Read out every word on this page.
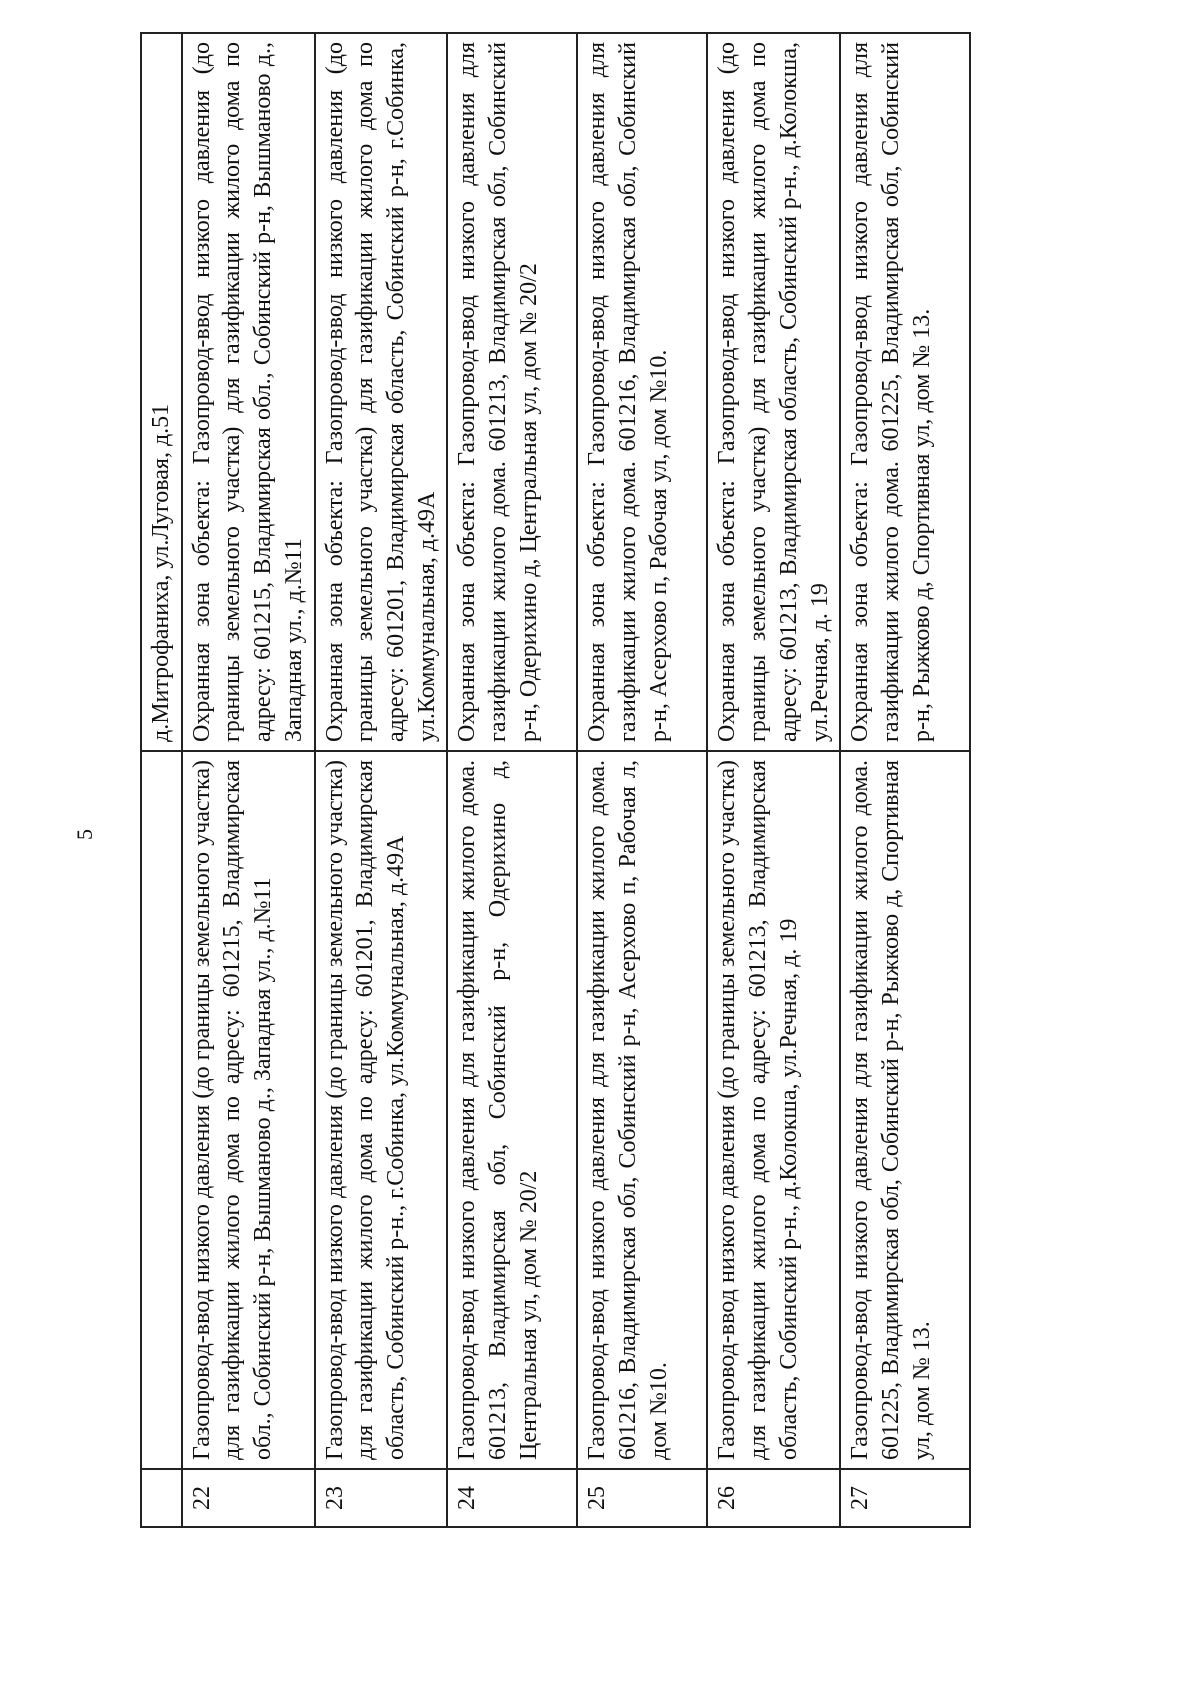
5

		д.Митрофаниха, ул.Луговая, д.51

22	Газопровод-ввод низкого давления (до границы земельного участка) для газификации жилого дома по адресу: 601215, Владимирская обл., Собинский р-н, Вышманово д., Западная ул., д.№11	Охранная зона объекта: Газопровод-ввод низкого давления (до границы земельного участка) для газификации жилого дома по адресу: 601215, Владимирская обл., Собинский р-н, Вышманово д., Западная ул., д.№11
23	Газопровод-ввод низкого давления (до границы земельного участка) для газификации жилого дома по адресу: 601201, Владимирская область, Собинский р-н., г.Собинка, ул.Коммунальная, д.49А	Охранная зона объекта: Газопровод-ввод низкого давления (до границы земельного участка) для газификации жилого дома по адресу: 601201, Владимирская область, Собинский р-н, г.Собинка, ул.Коммунальная, д.49А
24	Газопровод-ввод низкого давления для газификации жилого дома. 601213, Владимирская обл, Собинский р-н, Одерихино д, Центральная ул, дом № 20/2	Охранная зона объекта: Газопровод-ввод низкого давления для газификации жилого дома. 601213, Владимирская обл, Собинский р-н, Одерихино д, Центральная ул, дом № 20/2
25	Газопровод-ввод низкого давления для газификации жилого дома. 601216, Владимирская обл, Собинский р-н, Асерхово п, Рабочая л, дом №10.	Охранная зона объекта: Газопровод-ввод низкого давления для газификации жилого дома. 601216, Владимирская обл, Собинский р-н, Асерхово п, Рабочая ул, дом №10.
26	Газопровод-ввод низкого давления (до границы земельного участка) для газификации жилого дома по адресу: 601213, Владимирская область, Собинский р-н., д.Колокша, ул.Речная, д. 19	Охранная зона объекта: Газопровод-ввод низкого давления (до границы земельного участка) для газификации жилого дома по адресу: 601213, Владимирская область, Собинский р-н., д.Колокша, ул.Речная, д. 19
27	Газопровод-ввод низкого давления для газификации жилого дома. 601225, Владимирская обл, Собинский р-н, Рыжково д, Спортивная ул, дом № 13.	Охранная зона объекта: Газопровод-ввод низкого давления для газификации жилого дома. 601225, Владимирская обл, Собинский р-н, Рыжково д, Спортивная ул, дом № 13.
